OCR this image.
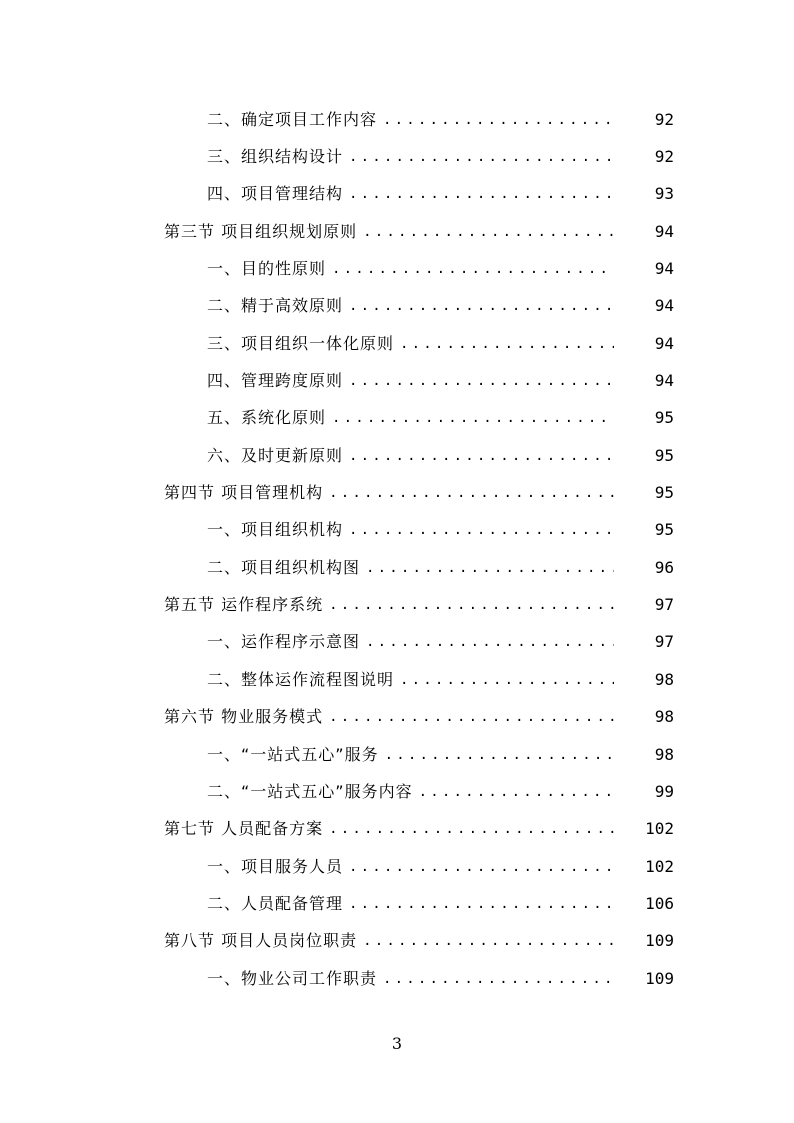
二、确定项目工作内容 .....	92
三、组织结构设计 .....	92
四、项目管理结构 .....	93
第三节 项目组织规划原则 .....	94
一、目的性原则 .....	94
二、精于高效原则 .....	94
三、项目组织一体化原则 .....	94
四、管理跨度原则 .....	94
五、系统化原则 .....	95
六、及时更新原则 .....	95
第四节 项目管理机构 .....	95
一、项目组织机构 .....	95
二、项目组织机构图 .....	96
第五节 运作程序系统 .....	97
一、运作程序示意图 .....	97
二、整体运作流程图说明 .....	98
第六节 物业服务模式 .....	98
一、“一站式五心”服务 .....	98
二、“一站式五心”服务内容 .....	99
第七节 人员配备方案 .....	102
一、项目服务人员 .....	102
二、人员配备管理 .....	106
第八节 项目人员岗位职责 .....	109
一、物业公司工作职责 .....	109
3
